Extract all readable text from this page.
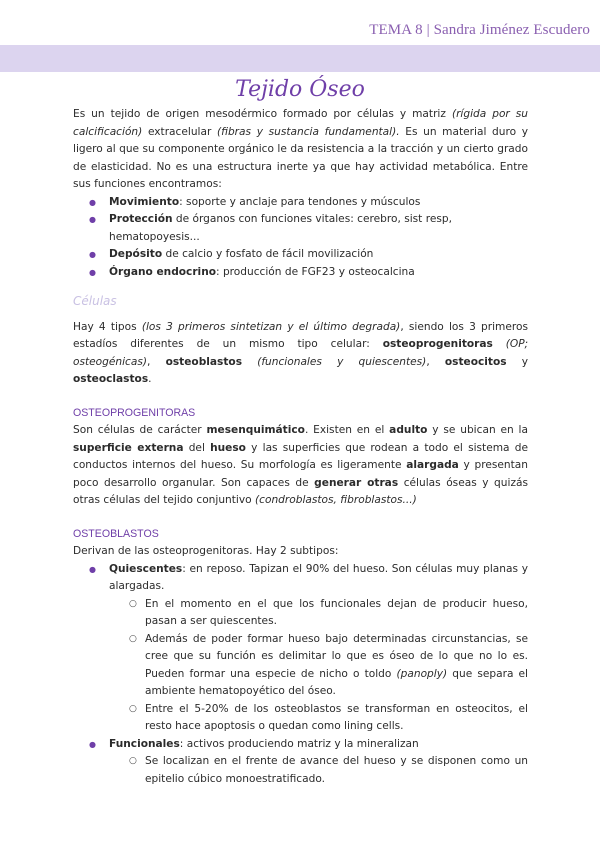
TEMA 8 | Sandra Jiménez Escudero
Tejido Óseo

Es un tejido de origen mesodérmico formado por células y matriz (rígida por su calcificación) extracelular (fibras y sustancia fundamental). Es un material duro y ligero al que su componente orgánico le da resistencia a la tracción y un cierto grado de elasticidad. No es una estructura inerte ya que hay actividad metabólica. Entre sus funciones encontramos:

● Movimiento: soporte y anclaje para tendones y músculos
● Protección de órganos con funciones vitales: cerebro, sist resp, hematopoyesis...
● Depósito de calcio y fosfato de fácil movilización
● Órgano endocrino: producción de FGF23 y osteocalcina
Células

Hay 4 tipos (los 3 primeros sintetizan y el último degrada), siendo los 3 primeros estadíos diferentes de un mismo tipo celular: osteoprogenitoras (OP; osteogénicas), osteoblastos (funcionales y quiescentes), osteocitos y osteoclastos.

OSTEOPROGENITORAS

Son células de carácter mesenquimático. Existen en el adulto y se ubican en la superficie externa del hueso y las superficies que rodean a todo el sistema de conductos internos del hueso. Su morfología es ligeramente alargada y presentan poco desarrollo organular. Son capaces de generar otras células óseas y quizás otras células del tejido conjuntivo (condroblastos, fibroblastos...)

OSTEOBLASTOS

Derivan de las osteoprogenitoras. Hay 2 subtipos:

● Quiescentes: en reposo. Tapizan el 90% del hueso. Son células muy planas y alargadas.

○ En el momento en el que los funcionales dejan de producir hueso, pasan a ser quiescentes.

○ Además de poder formar hueso bajo determinadas circunstancias, se cree que su función es delimitar lo que es óseo de lo que no lo es. Pueden formar una especie de nicho o toldo (panoply) que separa el ambiente hematopoyético del óseo.

○ Entre el 5-20% de los osteoblastos se transforman en osteocitos, el resto hace apoptosis o quedan como lining cells.

● Funcionales: activos produciendo matriz y la mineralizan

○ Se localizan en el frente de avance del hueso y se disponen como un epitelio cúbico monoestratificado.
